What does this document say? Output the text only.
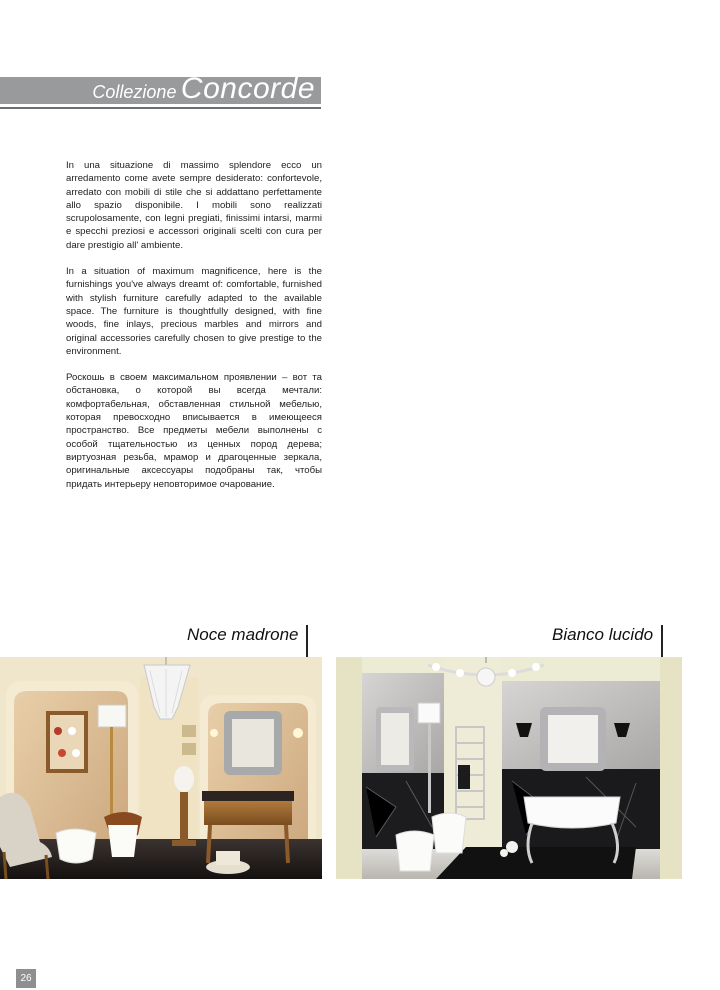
Collezione Concorde

In una situazione di massimo splendore ecco un arredamento come avete sempre desiderato: confortevole, arredato con mobili di stile che si addattano perfettamente allo spazio disponibile. I mobili sono realizzati scrupolosamente, con legni pregiati, finissimi intarsi, marmi e specchi preziosi e accessori originali scelti con cura per dare prestigio all' ambiente.

In a situation of maximum magnificence, here is the furnishings you've always dreamt of: comfortable, furnished with stylish furniture carefully adapted to the available space. The furniture is thoughtfully designed, with fine woods, fine inlays, precious marbles and mirrors and original accessories carefully chosen to give prestige to the environment.

Роскошь в своем максимальном проявлении – вот та обстановка, о которой вы всегда мечтали: комфортабельная, обставленная стильной мебелью, которая превосходно вписывается в имеющееся пространство. Все предметы мебели выполнены с особой тщательностью из ценных пород дерева; виртуозная резьба, мрамор и драгоценные зеркала, оригинальные аксессуары подобраны так, чтобы придать интерьеру неповторимое очарование.

Noce madrone	Bianco lucido
26
